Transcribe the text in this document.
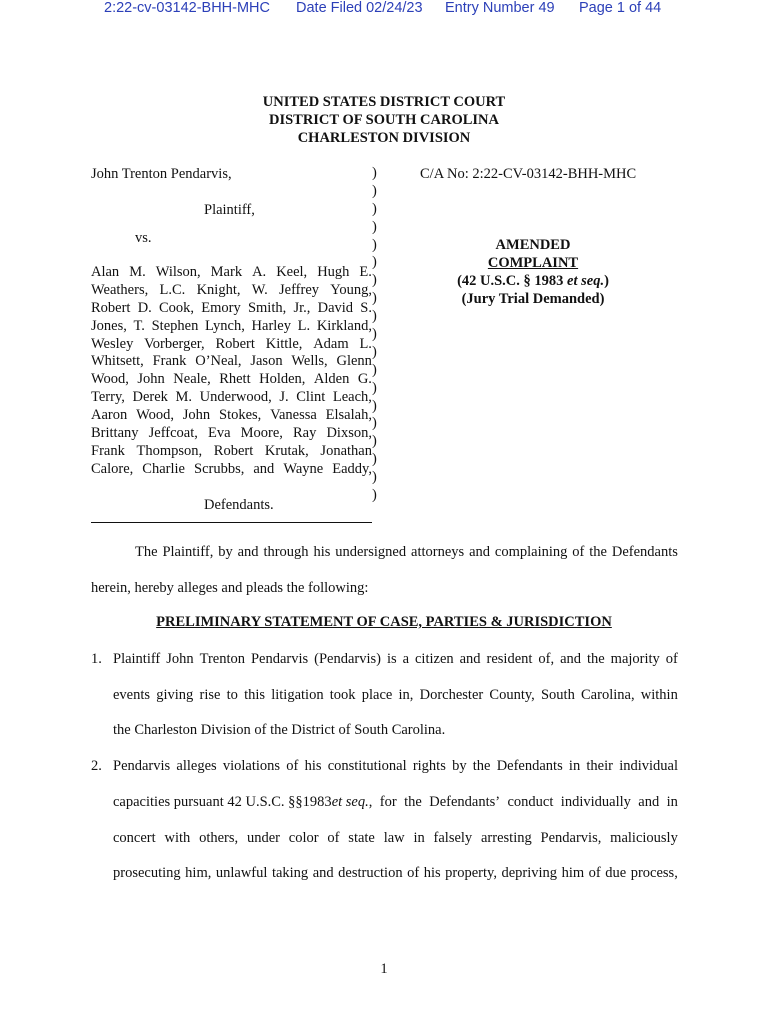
2:22-cv-03142-BHH-MHC Date Filed 02/24/23 Entry Number 49 Page 1 of 44
UNITED STATES DISTRICT COURT
DISTRICT OF SOUTH CAROLINA
CHARLESTON DIVISION
John Trenton Pendarvis,
Plaintiff,
vs.
Alan M. Wilson, Mark A. Keel, Hugh E.
Weathers, L.C. Knight, W. Jeffrey Young,
Robert D. Cook, Emory Smith, Jr., David S.
Jones, T. Stephen Lynch, Harley L. Kirkland,
Wesley Vorberger, Robert Kittle, Adam L.
Whitsett, Frank O’Neal, Jason Wells, Glenn
Wood, John Neale, Rhett Holden, Alden G.
Terry, Derek M. Underwood, J. Clint Leach,
Aaron Wood, John Stokes, Vanessa Elsalah,
Brittany Jeffcoat, Eva Moore, Ray Dixson,
Frank Thompson, Robert Krutak, Jonathan
Calore, Charlie Scrubbs, and Wayne Eaddy,
Defendants.
)
)
)
)
)
)
)
)
)
)
)
)
)
)
)
)
)
)
)
C/A No: 2:22-CV-03142-BHH-MHC
AMENDED
COMPLAINT
(42 U.S.C. § 1983 et seq.)
(Jury Trial Demanded)
The Plaintiff, by and through his undersigned attorneys and complaining of the Defendants
herein, hereby alleges and pleads the following:
PRELIMINARY STATEMENT OF CASE, PARTIES & JURISDICTION
1. Plaintiff John Trenton Pendarvis (Pendarvis) is a citizen and resident of, and the majority of
events giving rise to this litigation took place in, Dorchester County, South Carolina, within
the Charleston Division of the District of South Carolina.
2. Pendarvis alleges violations of his constitutional rights by the Defendants in their individual
capacities pursuant 42 U.S.C. §§1983 et seq. , for the Defendants’ conduct individually and in
concert with others, under color of state law in falsely arresting Pendarvis, maliciously
prosecuting him, unlawful taking and destruction of his property, depriving him of due process,
1
